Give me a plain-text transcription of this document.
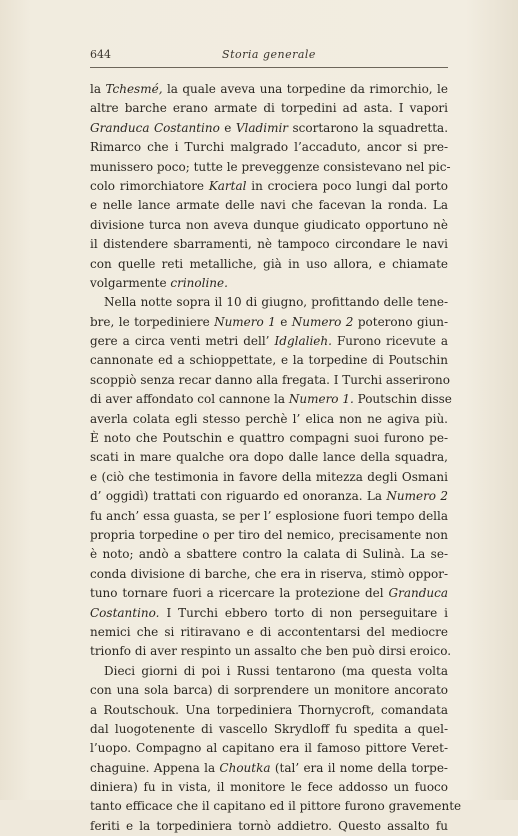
644	Storia generale
la Tchesmé, la quale aveva una torpedine da rimorchio, le
altre barche erano armate di torpedini ad asta. I vapori
Granduca Costantino e Vladimir scortarono la squadretta.
Rimarco che i Turchi malgrado l’accaduto, ancor si pre-
munissero poco; tutte le preveggenze consistevano nel pic-
colo rimorchiatore Kartal in crociera poco lungi dal porto
e nelle lance armate delle navi che facevan la ronda. La
divisione turca non aveva dunque giudicato opportuno nè
il distendere sbarramenti, nè tampoco circondare le navi
con quelle reti metalliche, già in uso allora, e chiamate
volgarmente crinoline.
Nella notte sopra il 10 di giugno, profittando delle tene-
bre, le torpediniere Numero 1 e Numero 2 poterono giun-
gere a circa venti metri dell’ Idglalieh. Furono ricevute a
cannonate ed a schioppettate, e la torpedine di Poutschin
scoppiò senza recar danno alla fregata. I Turchi asserirono
di aver affondato col cannone la Numero 1. Poutschin disse
averla colata egli stesso perchè l’ elica non ne agiva più.
È noto che Poutschin e quattro compagni suoi furono pe-
scati in mare qualche ora dopo dalle lance della squadra,
e (ciò che testimonia in favore della mitezza degli Osmani
d’ oggidì) trattati con riguardo ed onoranza. La Numero 2
fu anch’ essa guasta, se per l’ esplosione fuori tempo della
propria torpedine o per tiro del nemico, precisamente non
è noto; andò a sbattere contro la calata di Sulinà. La se-
conda divisione di barche, che era in riserva, stimò oppor-
tuno tornare fuori a ricercare la protezione del Granduca
Costantino. I Turchi ebbero torto di non perseguitare i
nemici che si ritiravano e di accontentarsi del mediocre
trionfo di aver respinto un assalto che ben può dirsi eroico.
Dieci giorni di poi i Russi tentarono (ma questa volta
con una sola barca) di sorprendere un monitore ancorato
a Routschouk. Una torpediniera Thornycroft, comandata
dal luogotenente di vascello Skrydloff fu spedita a quel-
l’uopo. Compagno al capitano era il famoso pittore Veret-
chaguine. Appena la Choutka (tal’ era il nome della torpe-
diniera) fu in vista, il monitore le fece addosso un fuoco
tanto efficace che il capitano ed il pittore furono gravemente
feriti e la torpediniera tornò addietro. Questo assalto fu
